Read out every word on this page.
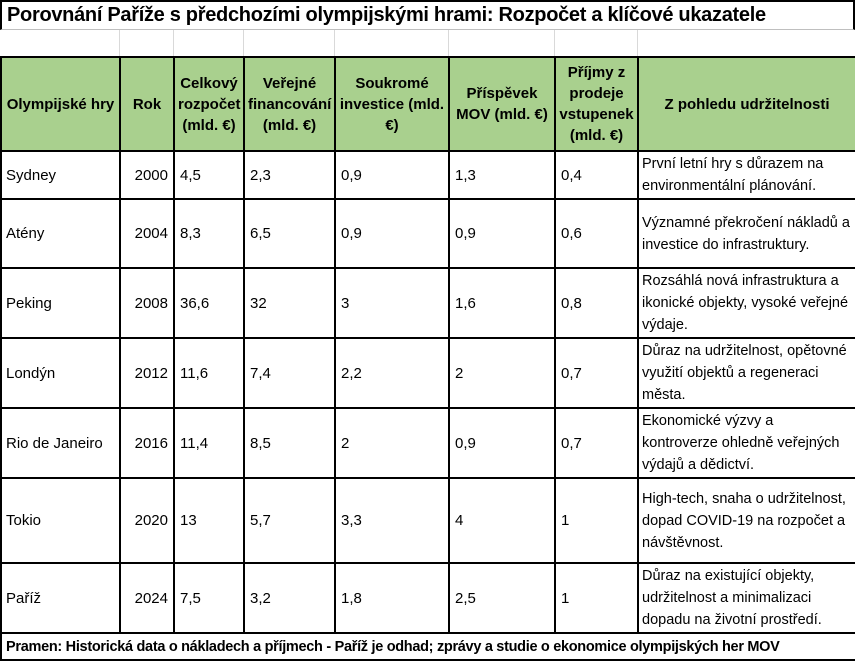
Porovnání Paříže s předchozími olympijskými hrami: Rozpočet a klíčové ukazatele
Olympijské hry	Rok	Celkový rozpočet (mld. €)	Veřejné financování (mld. €)	Soukromé investice (mld. €)	Příspěvek MOV (mld. €)	Příjmy z prodeje vstupenek (mld. €)	Z pohledu udržitelnosti
Sydney	2000	4,5	2,3	0,9	1,3	0,4	První letní hry s důrazem na environmentální plánování.
Atény	2004	8,3	6,5	0,9	0,9	0,6	Významné překročení nákladů a investice do infrastruktury.
Peking	2008	36,6	32	3	1,6	0,8	Rozsáhlá nová infrastruktura a ikonické objekty, vysoké veřejné výdaje.
Londýn	2012	11,6	7,4	2,2	2	0,7	Důraz na udržitelnost, opětovné využití objektů a regeneraci města.
Rio de Janeiro	2016	11,4	8,5	2	0,9	0,7	Ekonomické výzvy a kontroverze ohledně veřejných výdajů a dědictví.
Tokio	2020	13	5,7	3,3	4	1	High-tech, snaha o udržitelnost, dopad COVID-19 na rozpočet a návštěvnost.
Paříž	2024	7,5	3,2	1,8	2,5	1	Důraz na existující objekty, udržitelnost a minimalizaci dopadu na životní prostředí.
Pramen: Historická data o nákladech a příjmech - Paříž je odhad; zprávy a studie o ekonomice olympijských her MOV							
